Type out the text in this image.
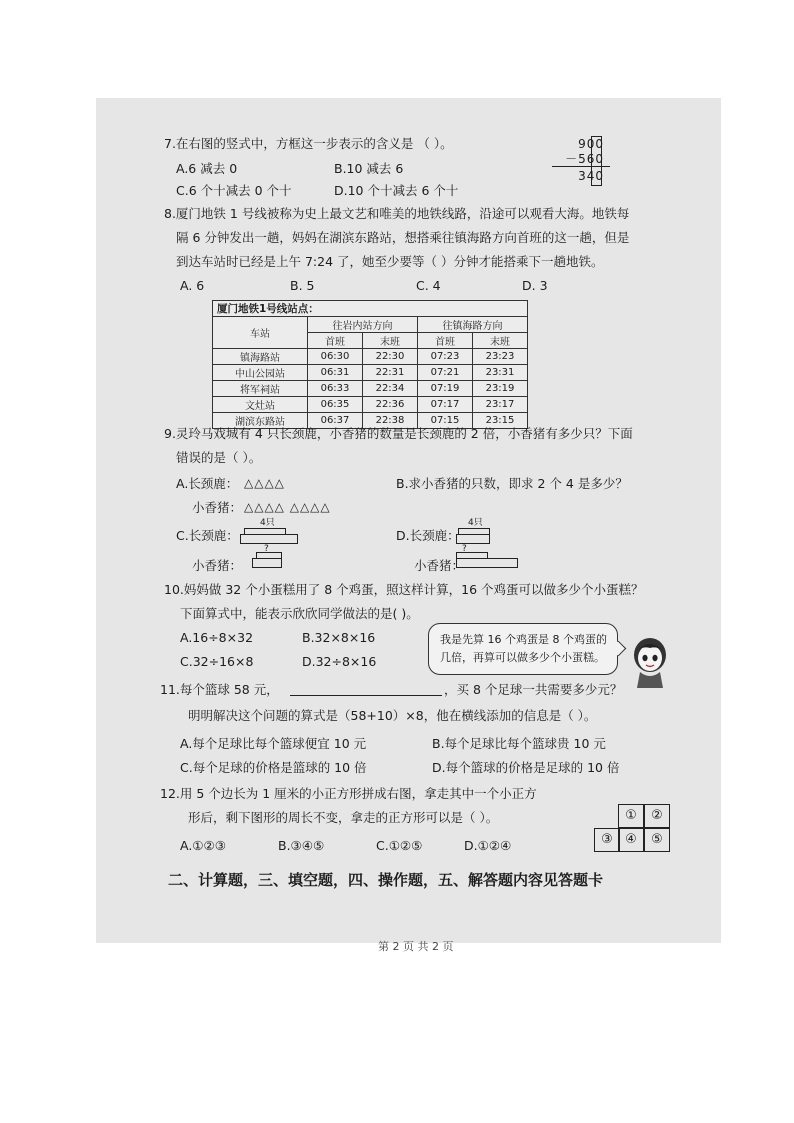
7.在右图的竖式中，方框这一步表示的含义是 （ ）。
A.6 减去 0	B.10 减去 6
C.6 个十减去 0 个十	D.10 个十减去 6 个十
900
－560
340
8.厦门地铁 1 号线被称为史上最文艺和唯美的地铁线路，沿途可以观看大海。地铁每
隔 6 分钟发出一趟，妈妈在湖滨东路站，想搭乘往镇海路方向首班的这一趟，但是
到达车站时已经是上午 7:24 了，她至少要等（ ）分钟才能搭乘下一趟地铁。
A. 6	B. 5	C. 4	D. 3
厦门地铁1号线站点：				
车站	往岩内站方向		往镇海路方向	
	首班	末班	首班	末班
镇海路站	06:30	22:30	07:23	23:23
中山公园站	06:31	22:31	07:21	23:31
将军祠站	06:33	22:34	07:19	23:19
文灶站	06:35	22:36	07:17	23:17
湖滨东路站	06:37	22:38	07:15	23:15
9.灵玲马戏城有 4 只长颈鹿，小香猪的数量是长颈鹿的 2 倍，小香猪有多少只？下面
错误的是（ ）。
A.长颈鹿： △△△△
小香猪： △△△△ △△△△
B.求小香猪的只数，即求 2 个 4 是多少？
C.长颈鹿：
4只
?
小香猪：
D.长颈鹿：
4只
?
小香猪：
10.妈妈做 32 个小蛋糕用了 8 个鸡蛋，照这样计算，16 个鸡蛋可以做多少个小蛋糕？
下面算式中，能表示欣欣同学做法的是( )。
A.16÷8×32	B.32×8×16
C.32÷16×8	D.32÷8×16
我是先算 16 个鸡蛋是 8 个鸡蛋的
几倍，再算可以做多少个小蛋糕。
11.每个篮球 58 元，	，买 8 个足球一共需要多少元？
明明解决这个问题的算式是（58+10）×8，他在横线添加的信息是（ ）。
A.每个足球比每个篮球便宜 10 元	B.每个足球比每个篮球贵 10 元
C.每个足球的价格是篮球的 10 倍	D.每个篮球的价格是足球的 10 倍
12.用 5 个边长为 1 厘米的小正方形拼成右图，拿走其中一个小正方
形后，剩下图形的周长不变，拿走的正方形可以是（ ）。
A.①②③	B.③④⑤	C.①②⑤	D.①②④
①	②
③ ④	⑤
二、计算题，三、填空题，四、操作题，五、解答题内容见答题卡
第 2 页 共 2 页
